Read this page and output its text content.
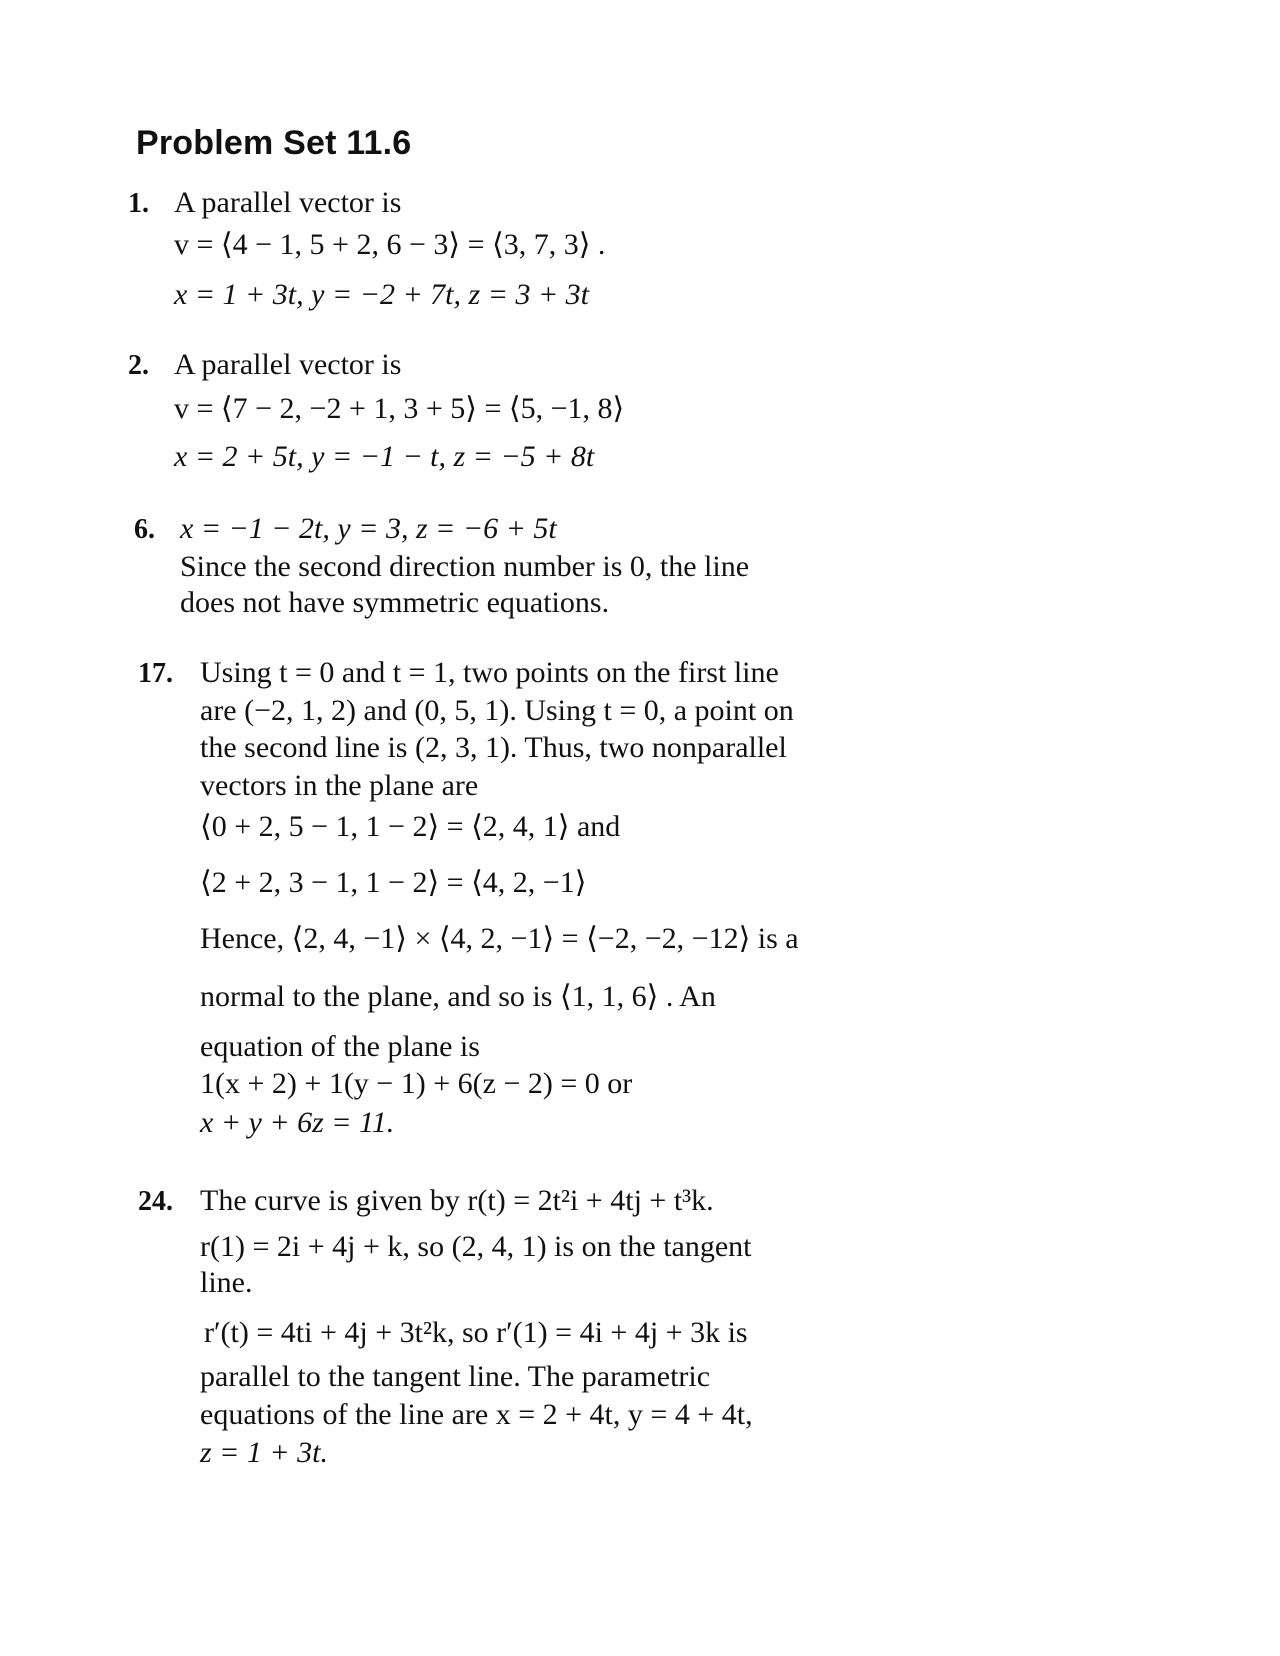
Problem Set 11.6
1. A parallel vector is
v = ⟨4 − 1, 5 + 2, 6 − 3⟩ = ⟨3, 7, 3⟩ .
x = 1 + 3t, y = −2 + 7t, z = 3 + 3t
2. A parallel vector is
v = ⟨7 − 2, −2 + 1, 3 + 5⟩ = ⟨5, −1, 8⟩
x = 2 + 5t, y = −1 − t, z = −5 + 8t
6. x = −1 − 2t, y = 3, z = −6 + 5t
Since the second direction number is 0, the line
does not have symmetric equations.
17. Using t = 0 and t = 1, two points on the first line
are (−2, 1, 2) and (0, 5, 1). Using t = 0, a point on
the second line is (2, 3, 1). Thus, two nonparallel
vectors in the plane are
⟨0 + 2, 5 − 1, 1 − 2⟩ = ⟨2, 4, 1⟩ and
⟨2 + 2, 3 − 1, 1 − 2⟩ = ⟨4, 2, −1⟩
Hence, ⟨2, 4, −1⟩ × ⟨4, 2, −1⟩ = ⟨−2, −2, −12⟩ is a
normal to the plane, and so is ⟨1, 1, 6⟩ . An
equation of the plane is
1(x + 2) + 1(y − 1) + 6(z − 2) = 0 or
x + y + 6z = 11.
24. The curve is given by r(t) = 2t²i + 4tj + t³k.
r(1) = 2i + 4j + k, so (2, 4, 1) is on the tangent
line.
r′(t) = 4ti + 4j + 3t²k, so r′(1) = 4i + 4j + 3k is
parallel to the tangent line. The parametric
equations of the line are x = 2 + 4t, y = 4 + 4t,
z = 1 + 3t.
